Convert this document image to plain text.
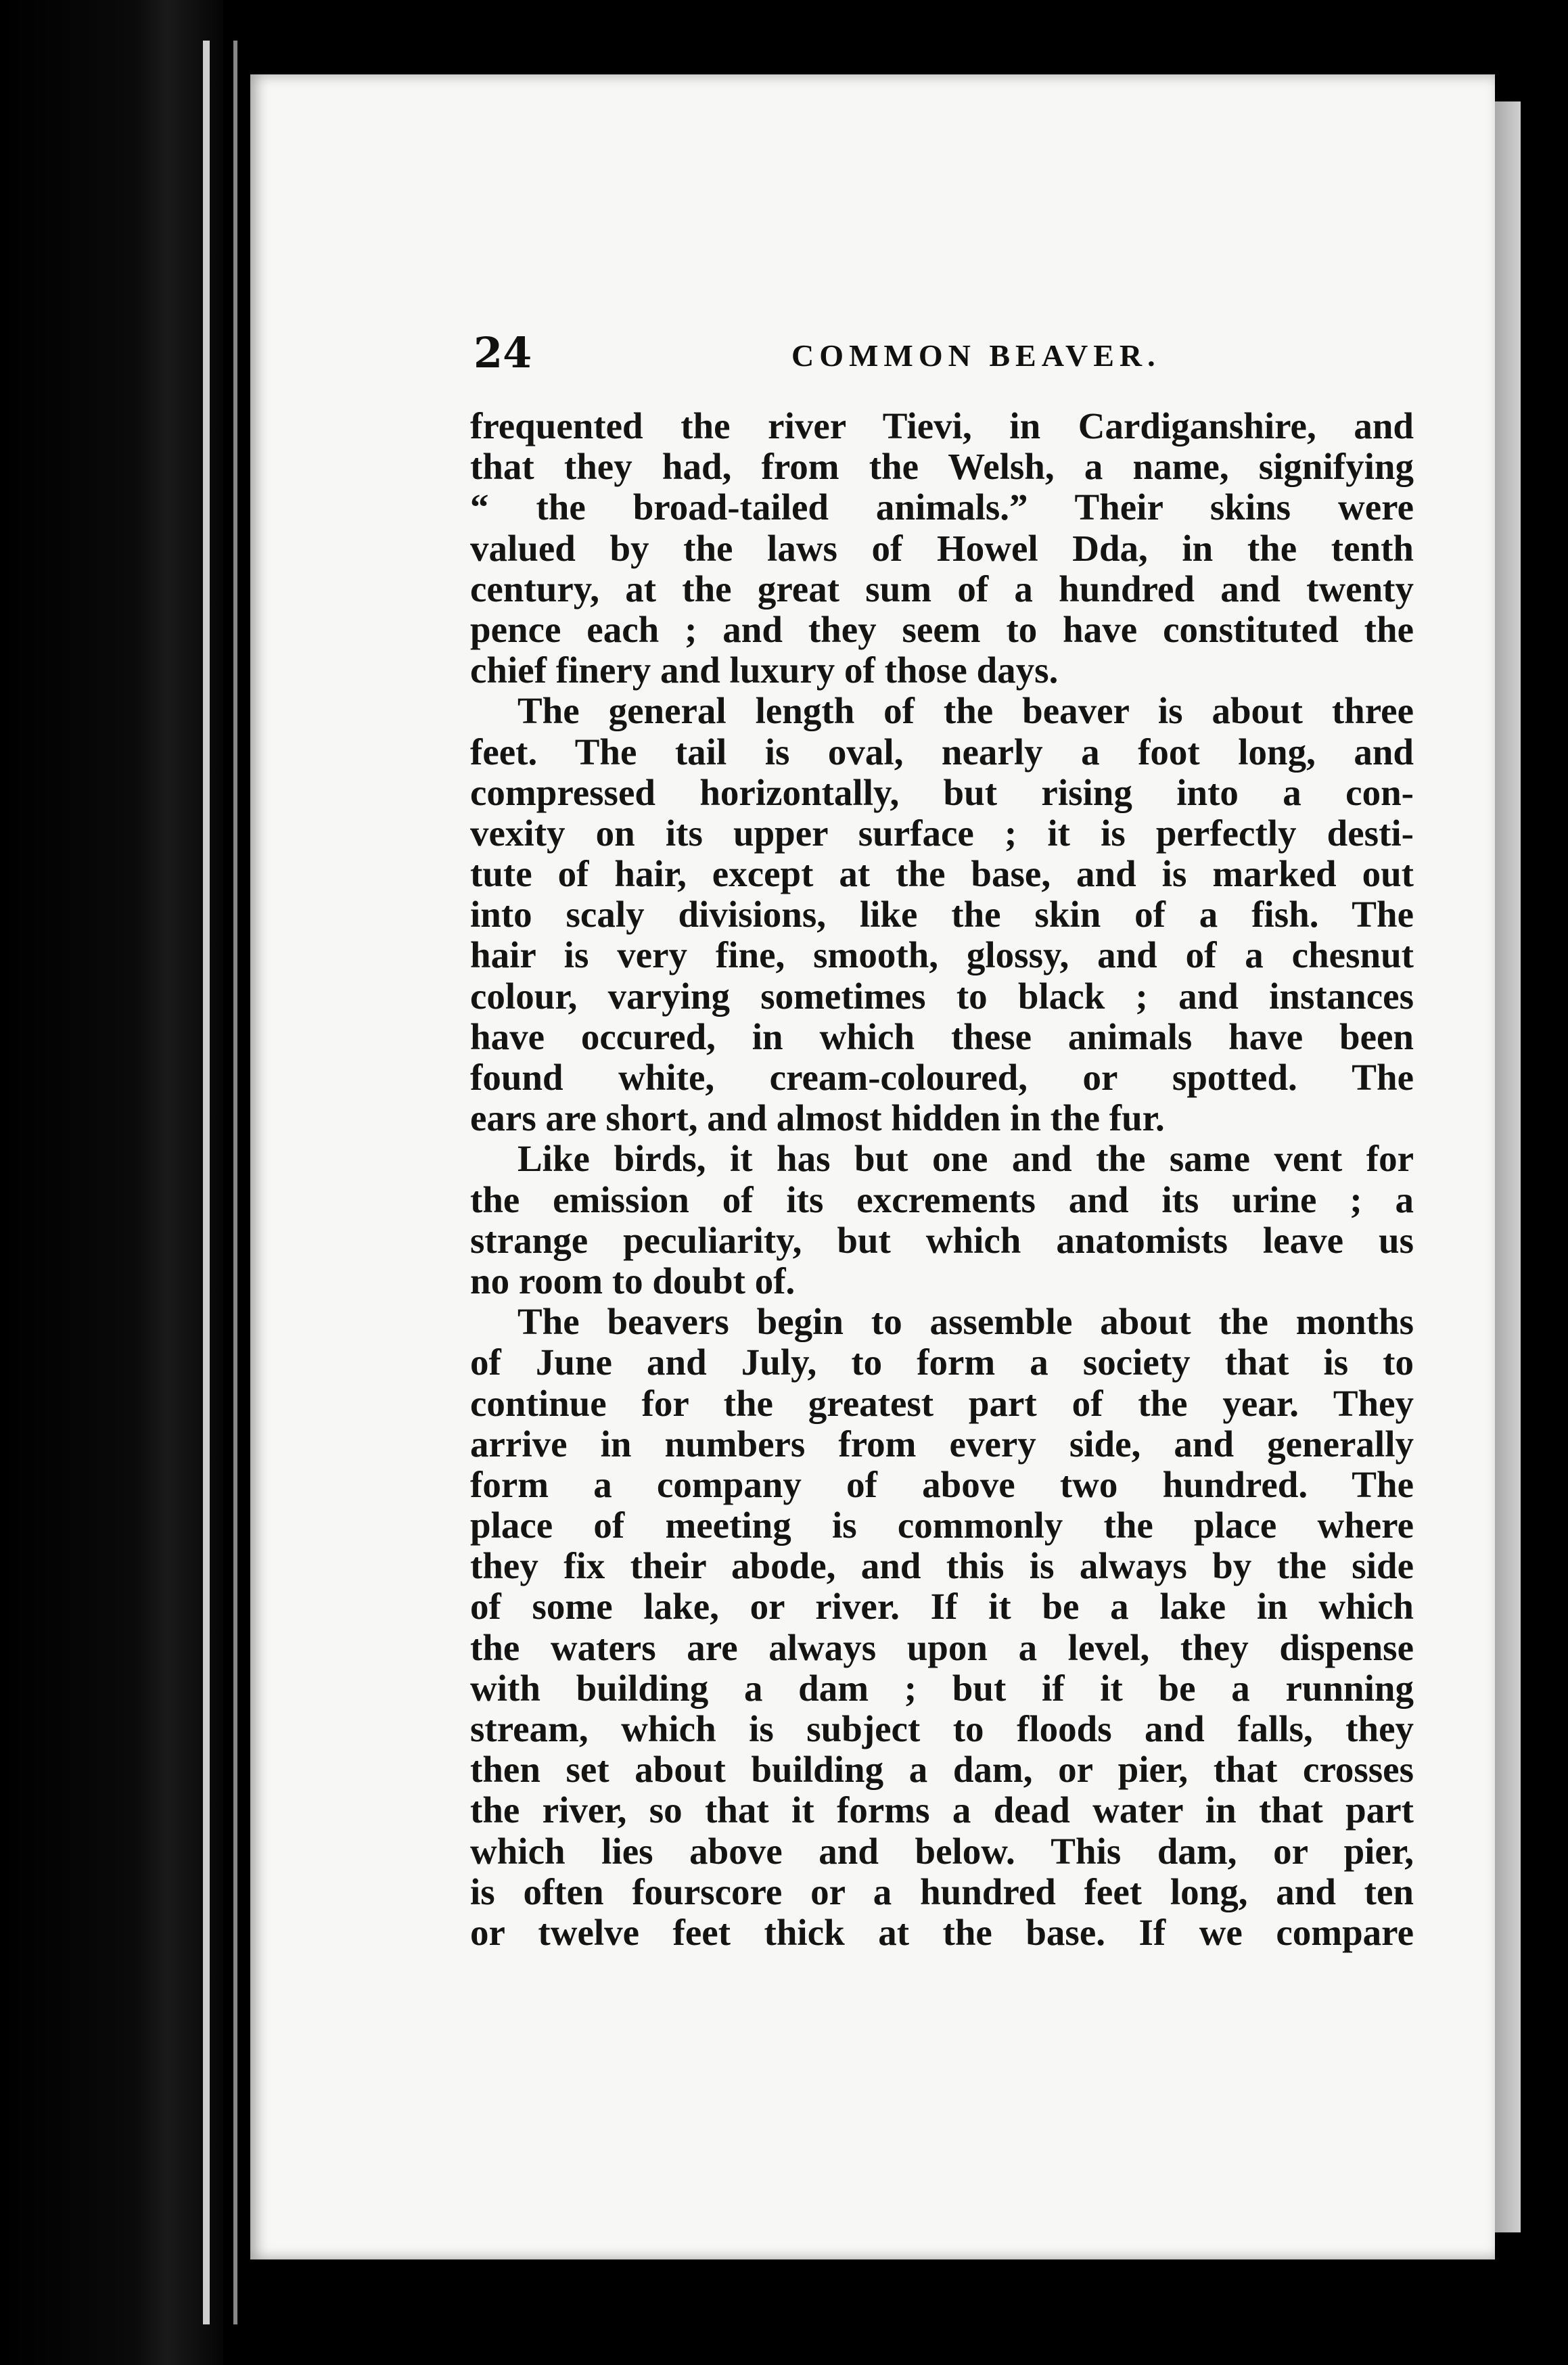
24	COMMON BEAVER.
frequented the river Tievi, in Cardiganshire, and
that they had, from the Welsh, a name, signifying
“ the broad-tailed animals.” Their skins were
valued by the laws of Howel Dda, in the tenth
century, at the great sum of a hundred and twenty
pence each ; and they seem to have constituted the
chief finery and luxury of those days.
The general length of the beaver is about three
feet. The tail is oval, nearly a foot long, and
compressed horizontally, but rising into a con-
vexity on its upper surface ; it is perfectly desti-
tute of hair, except at the base, and is marked out
into scaly divisions, like the skin of a fish. The
hair is very fine, smooth, glossy, and of a chesnut
colour, varying sometimes to black ; and instances
have occured, in which these animals have been
found white, cream-coloured, or spotted. The
ears are short, and almost hidden in the fur.
Like birds, it has but one and the same vent for
the emission of its excrements and its urine ; a
strange peculiarity, but which anatomists leave us
no room to doubt of.
The beavers begin to assemble about the months
of June and July, to form a society that is to
continue for the greatest part of the year. They
arrive in numbers from every side, and generally
form a company of above two hundred. The
place of meeting is commonly the place where
they fix their abode, and this is always by the side
of some lake, or river. If it be a lake in which
the waters are always upon a level, they dispense
with building a dam ; but if it be a running
stream, which is subject to floods and falls, they
then set about building a dam, or pier, that crosses
the river, so that it forms a dead water in that part
which lies above and below. This dam, or pier,
is often fourscore or a hundred feet long, and ten
or twelve feet thick at the base. If we compare
